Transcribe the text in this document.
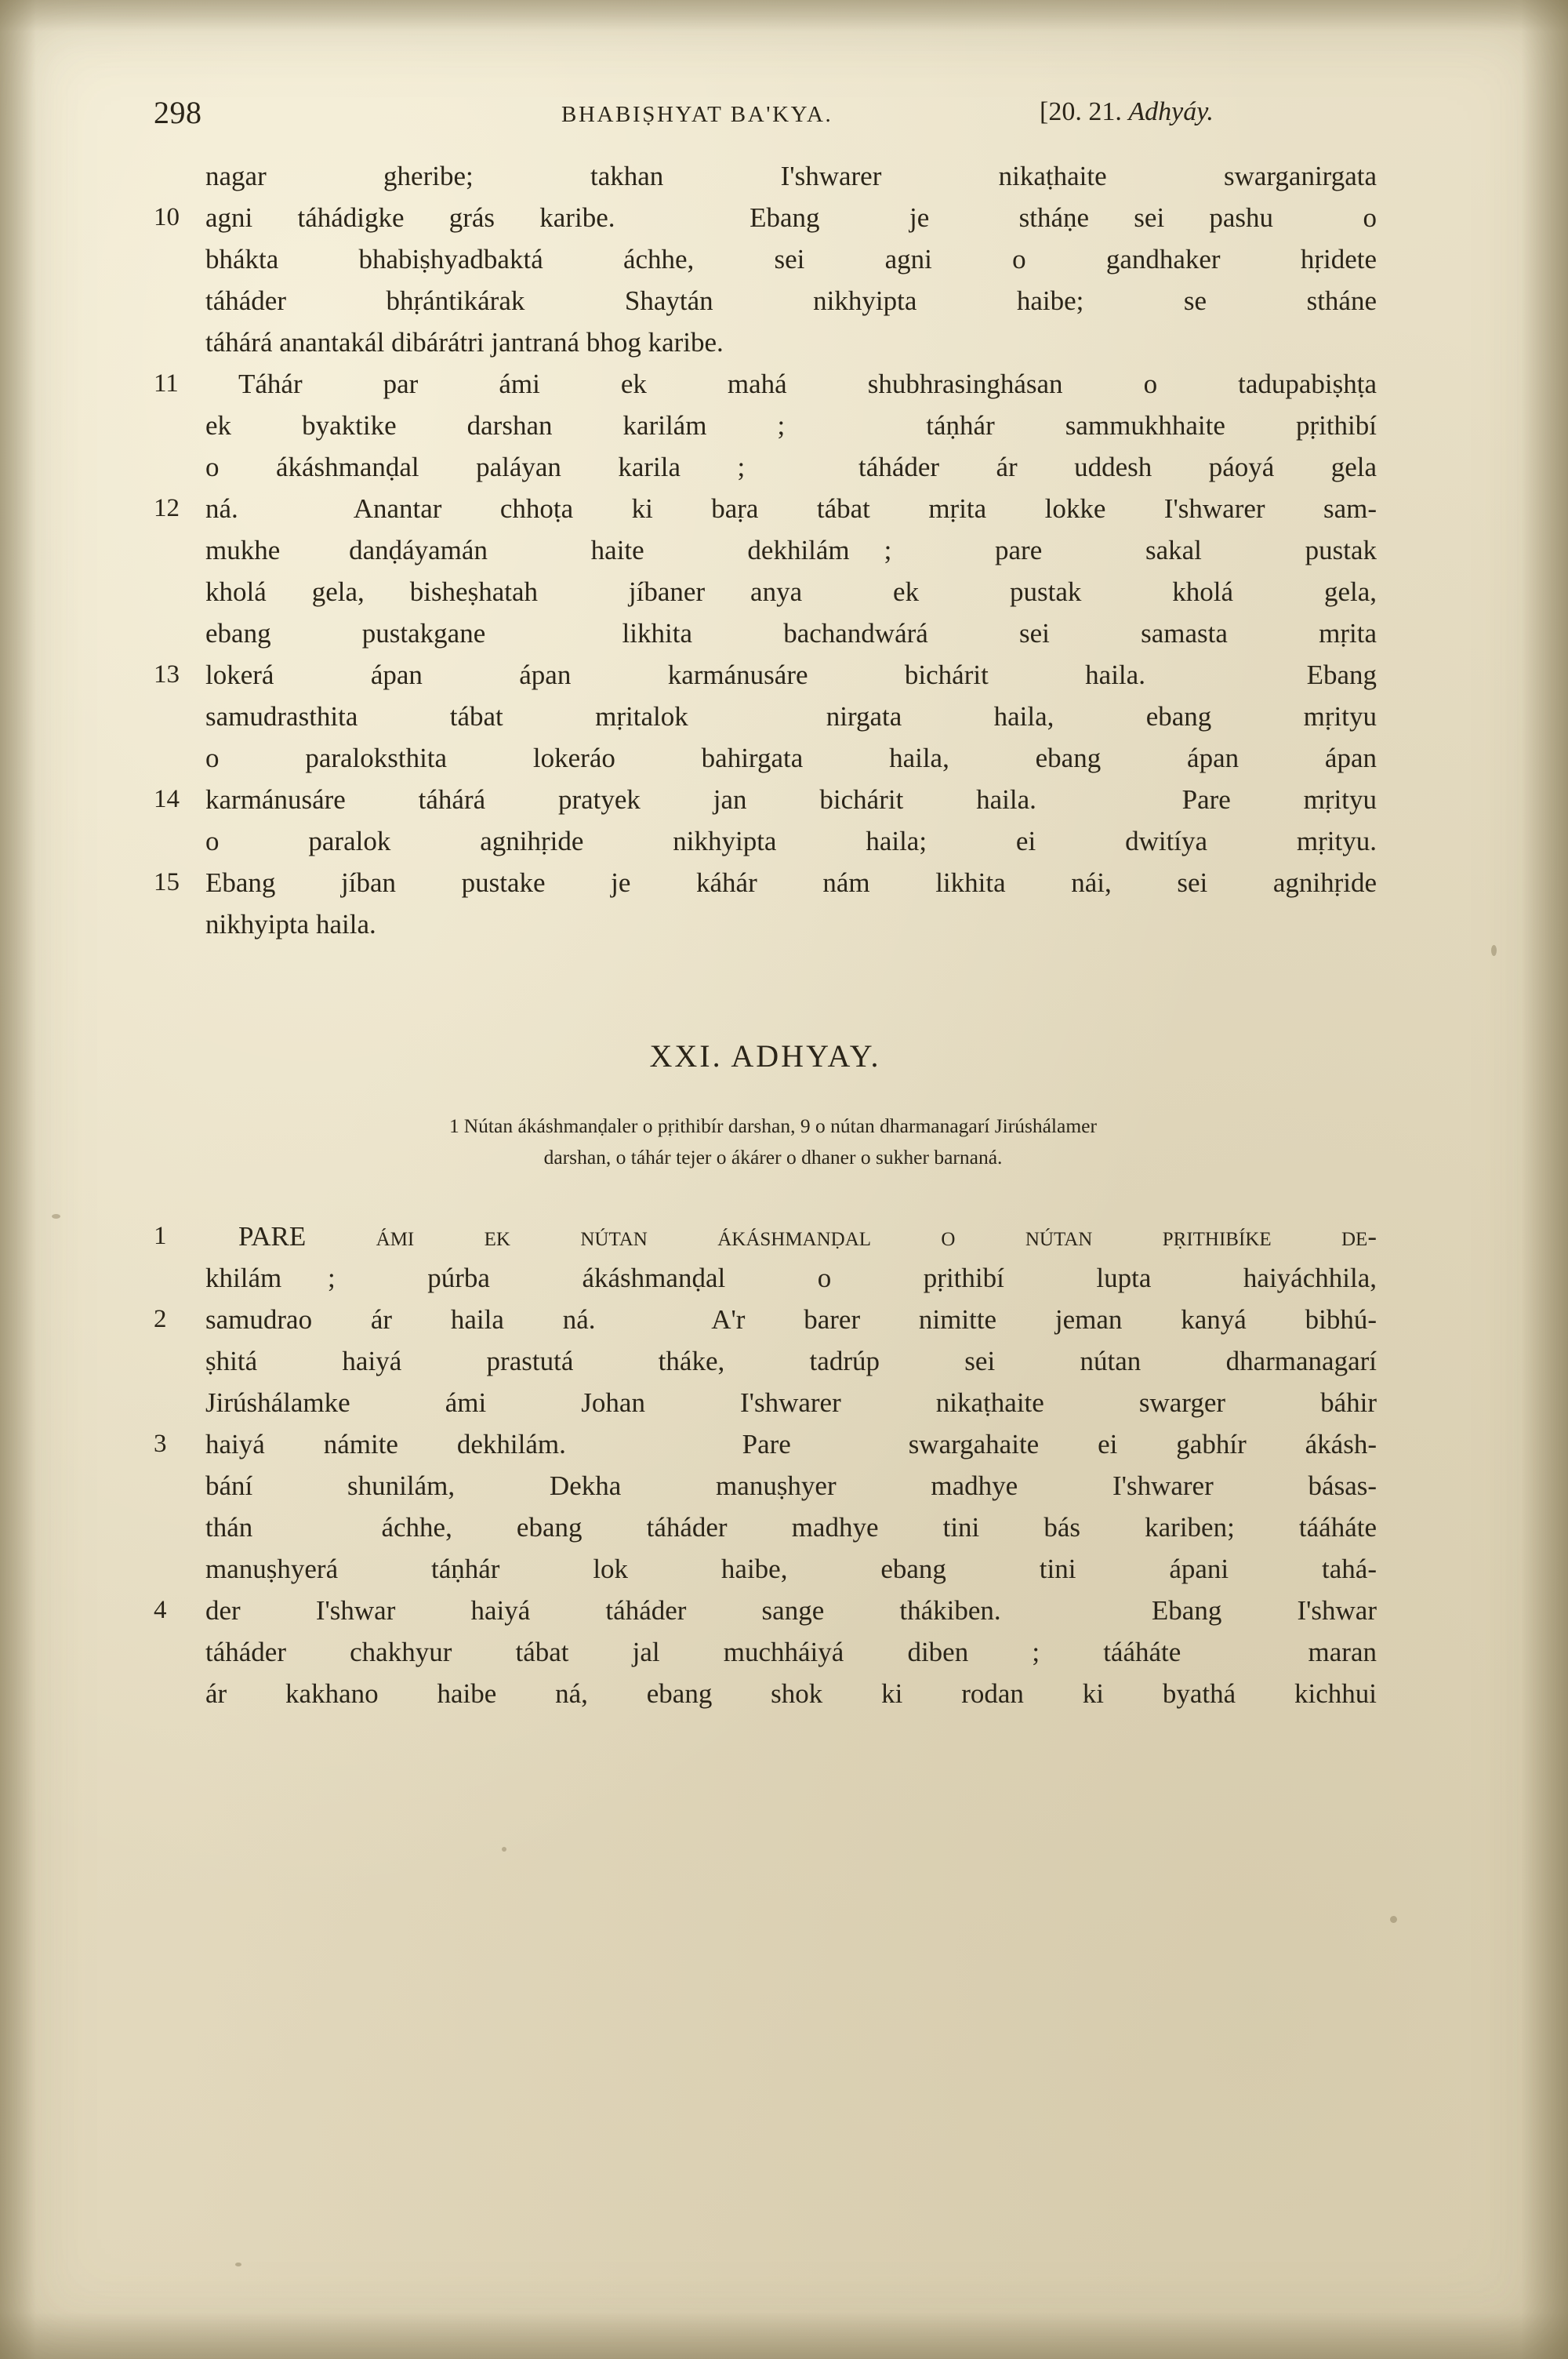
298	BHABIṢHYAT BA'KYA.	[20. 21. Adhyáy.
nagar gheribe; takhan I'shwarer nikaṭhaite swarganirgata
10 agni táhádigke grás karibe.   Ebang  je  stháṇe sei pashu  o
bhákta bhabiṣhyadbaktá áchhe, sei agni o gandhaker hṛidete
táháder  bhṛántikárak  Shaytán  nikhyipta  haibe;  se  stháne
táhárá anantakál dibárátri jantraná bhog karibe.
11	Táhár  par  ámi  ek  mahá  shubhrasinghásan  o  tadupabiṣhṭa
ek byaktike darshan karilám ;  táṇhár sammukhhaite pṛithibí
o ákáshmanḍal paláyan karila ;  táháder ár uddesh páoyá gela
12 ná.  Anantar chhoṭa ki baṛa tábat mṛita lokke I'shwarer sam-
mukhe  danḍáyamán   haite   dekhilám ;   pare   sakal   pustak
kholá gela, bisheṣhatah  jíbaner anya  ek  pustak  kholá  gela,
ebang  pustakgane   likhita  bachandwárá  sei  samasta  mṛita
13 lokerá   ápan   ápan   karmánusáre   bichárit   haila.     Ebang
samudrasthita  tábat  mṛitalok   nirgata  haila,  ebang  mṛityu
o  paraloksthita  lokeráo  bahirgata  haila,  ebang  ápan  ápan
14 karmánusáre táhárá pratyek jan bichárit haila.  Pare mṛityu
o  paralok  agnihṛide  nikhyipta  haila;  ei  dwitíya  mṛityu.
15 Ebang jíban pustake je káhár nám likhita nái, sei agnihṛide
nikhyipta haila.
XXI. ADHYAY.
1 Nútan ákáshmanḍaler o pṛithibír darshan, 9 o nútan dharmanagarí Jirúshálamer
darshan, o táhár tejer o ákárer o dhaner o sukher barnaná.
1	PARE  ámi  ek  nútan  ákáshmanḍal  o  nútan  pṛithibíke  de-
khilám ;  púrba  ákáshmanḍal  o  pṛithibí  lupta  haiyáchhila,
2	samudrao ár haila ná.  A'r barer nimitte jeman kanyá bibhú-
ṣhitá  haiyá  prastutá  tháke,  tadrúp  sei  nútan  dharmanagarí
Jirúshálamke  ámi  Johan  I'shwarer  nikaṭhaite  swarger  báhir
3	haiyá námite dekhilám.   Pare  swargahaite ei gabhír ákásh-
bání  shunilám,  Dekha  manuṣhyer  madhye  I'shwarer  básas-
thán  áchhe, ebang táháder madhye tini bás kariben; tááháte
manuṣhyerá   táṇhár   lok   haibe,   ebang   tini   ápani   tahá-
4	der  I'shwar  haiyá  táháder  sange  thákiben.    Ebang  I'shwar
táháder chakhyur tábat jal muchháiyá diben ; tááháte  maran
ár kakhano haibe ná, ebang shok ki rodan ki byathá kichhui
